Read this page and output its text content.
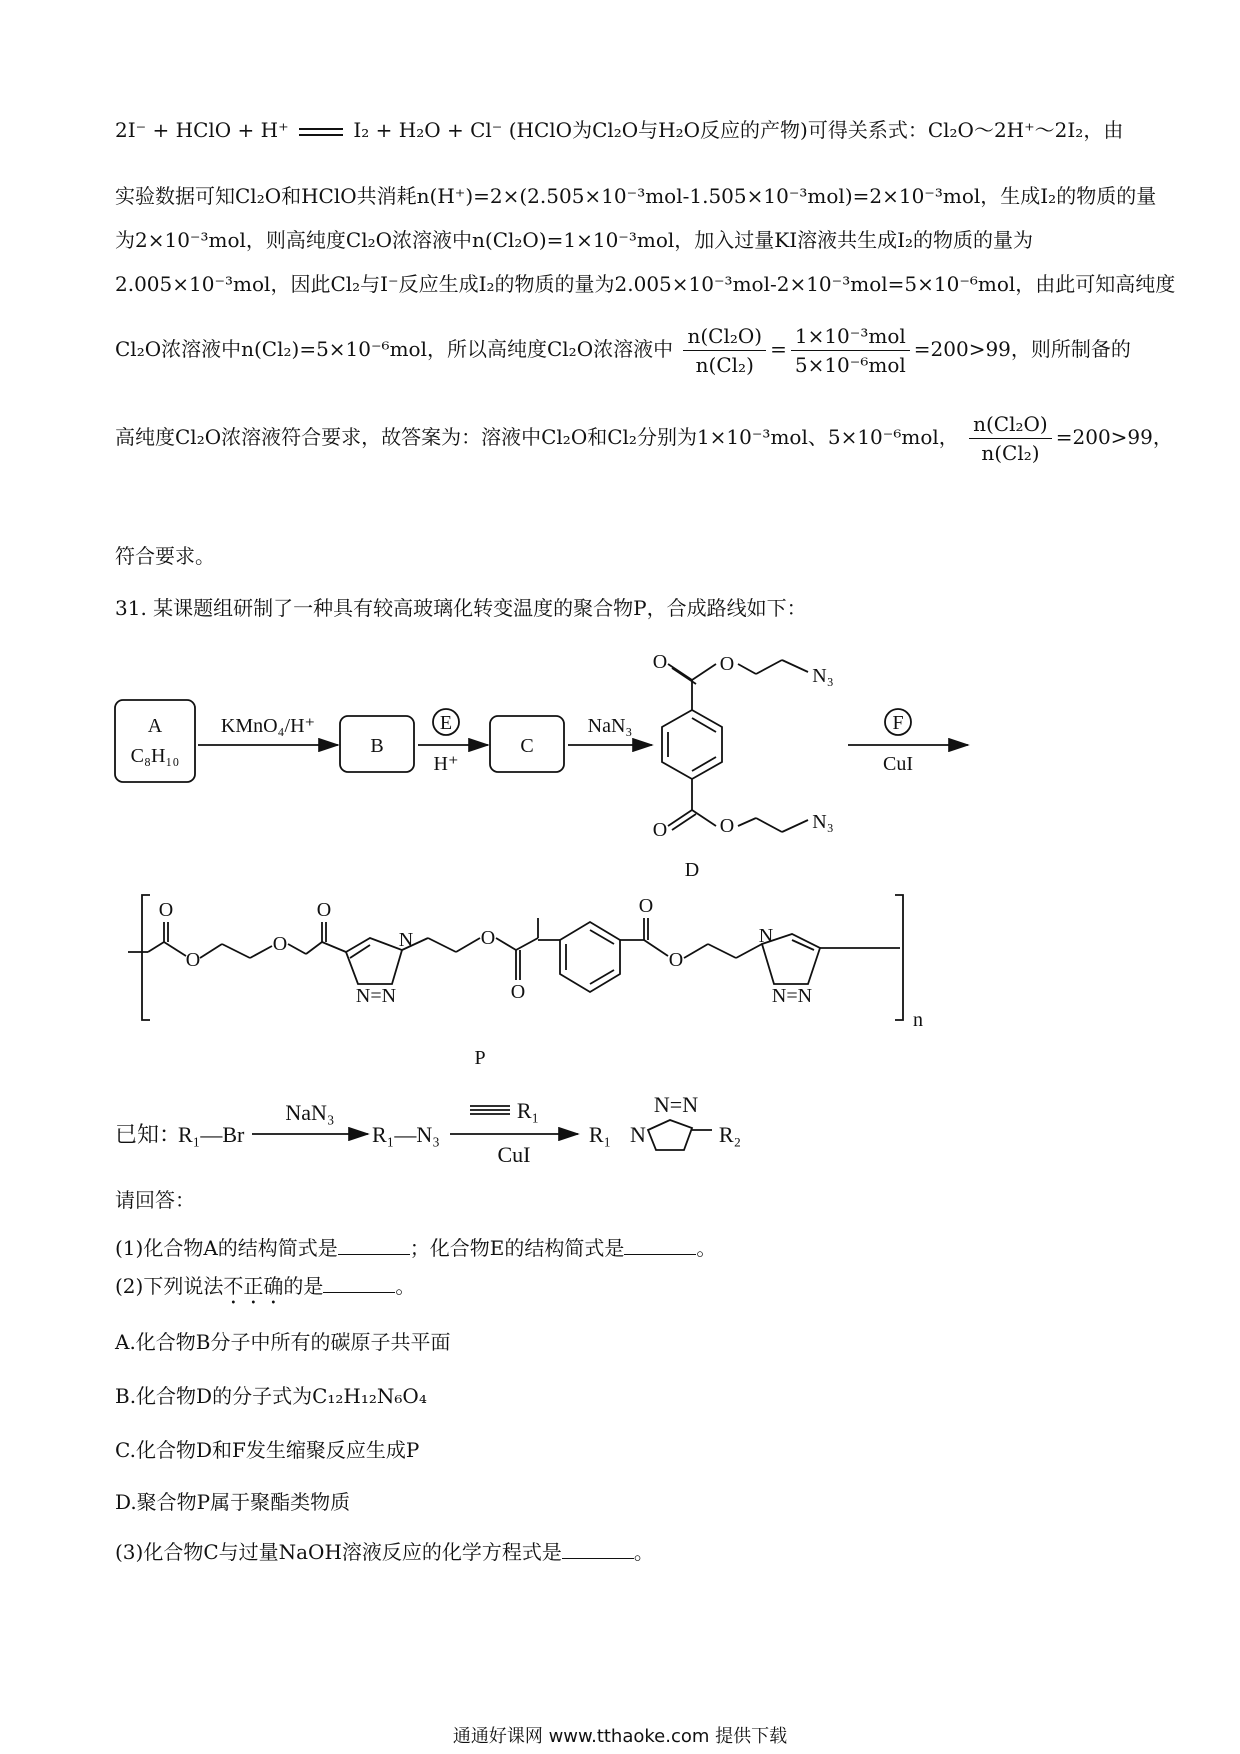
2I⁻ + HClO + H⁺	I₂ + H₂O + Cl⁻ (HClO为Cl₂O与H₂O反应的产物)可得关系式：Cl₂O～2H⁺～2I₂，由
实验数据可知Cl₂O和HClO共消耗n(H⁺)=2×(2.505×10⁻³mol-1.505×10⁻³mol)=2×10⁻³mol，生成I₂的物质的量
为2×10⁻³mol，则高纯度Cl₂O浓溶液中n(Cl₂O)=1×10⁻³mol，加入过量KI溶液共生成I₂的物质的量为
2.005×10⁻³mol，因此Cl₂与I⁻反应生成I₂的物质的量为2.005×10⁻³mol-2×10⁻³mol=5×10⁻⁶mol，由此可知高纯度
Cl₂O浓溶液中n(Cl₂)=5×10⁻⁶mol，所以高纯度Cl₂O浓溶液中 $\frac{\text{n(Cl₂O)}}{\text{n(Cl₂)}} = \frac{\text{1×10⁻³mol}}{\text{5×10⁻⁶mol}} =200>99$，则所制备的
高纯度Cl₂O浓溶液符合要求，故答案为：溶液中Cl₂O和Cl₂分别为1×10⁻³mol、5×10⁻⁶mol， $\frac{\text{n(Cl₂O)}}{\text{n(Cl₂)}} =200>99$，
符合要求。
31. 某课题组研制了一种具有较高玻璃化转变温度的聚合物P，合成路线如下：
A
C₈H₁₀
KMnO₄/H⁺
B
E
H⁺
C
NaN₃
O	O
N₃
O	O	N₃
D
F
CuI
O
O
O
O
N
N=N
O
O
O
O
N
N=N
n
P
已知：
R₁—Br
NaN₃
R₁—N₃
R₁
CuI
R₁ N
N=N
R₂
请回答：
(1)化合物A的结构简式是	；化合物E的结构简式是	。
(2)下列说法不正确的是	。
A.化合物B分子中所有的碳原子共平面
B.化合物D的分子式为C₁₂H₁₂N₆O₄
C.化合物D和F发生缩聚反应生成P
D.聚合物P属于聚酯类物质
(3)化合物C与过量NaOH溶液反应的化学方程式是	。
通通好课网 www.tthaoke.com 提供下载
